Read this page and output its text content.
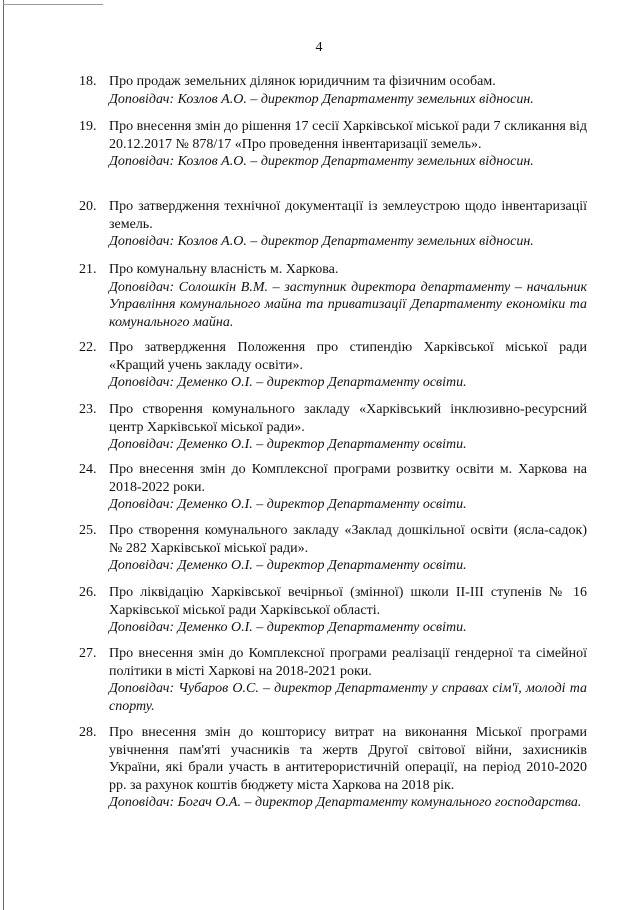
4
18. Про продаж земельних ділянок юридичним та фізичним особам.
Доповідач: Козлов А.О. – директор Департаменту земельних відносин.
19. Про внесення змін до рішення 17 сесії Харківської міської ради 7 скликання від 20.12.2017 № 878/17 «Про проведення інвентаризації земель».
Доповідач: Козлов А.О. – директор Департаменту земельних відносин.
20. Про затвердження технічної документації із землеустрою щодо інвентаризації земель.
Доповідач: Козлов А.О. – директор Департаменту земельних відносин.
21. Про комунальну власність м. Харкова.
Доповідач: Солошкін В.М. – заступник директора департаменту – начальник Управління комунального майна та приватизації Департаменту економіки та комунального майна.
22. Про затвердження Положення про стипендію Харківської міської ради «Кращий учень закладу освіти».
Доповідач: Деменко О.І. – директор Департаменту освіти.
23. Про створення комунального закладу «Харківський інклюзивно-ресурсний центр Харківської міської ради».
Доповідач: Деменко О.І. – директор Департаменту освіти.
24. Про внесення змін до Комплексної програми розвитку освіти м. Харкова на 2018-2022 роки.
Доповідач: Деменко О.І. – директор Департаменту освіти.
25. Про створення комунального закладу «Заклад дошкільної освіти (ясла-садок) № 282 Харківської міської ради».
Доповідач: Деменко О.І. – директор Департаменту освіти.
26. Про ліквідацію Харківської вечірньої (змінної) школи ІІ-ІІІ ступенів № 16 Харківської міської ради Харківської області.
Доповідач: Деменко О.І. – директор Департаменту освіти.
27. Про внесення змін до Комплексної програми реалізації гендерної та сімейної політики в місті Харкові на 2018-2021 роки.
Доповідач: Чубаров О.С. – директор Департаменту у справах сім'ї, молоді та спорту.
28. Про внесення змін до кошторису витрат на виконання Міської програми увічнення пам'яті учасників та жертв Другої світової війни, захисників України, які брали участь в антитерористичній операції, на період 2010-2020 рр. за рахунок коштів бюджету міста Харкова на 2018 рік.
Доповідач: Богач О.А. – директор Департаменту комунального господарства.
